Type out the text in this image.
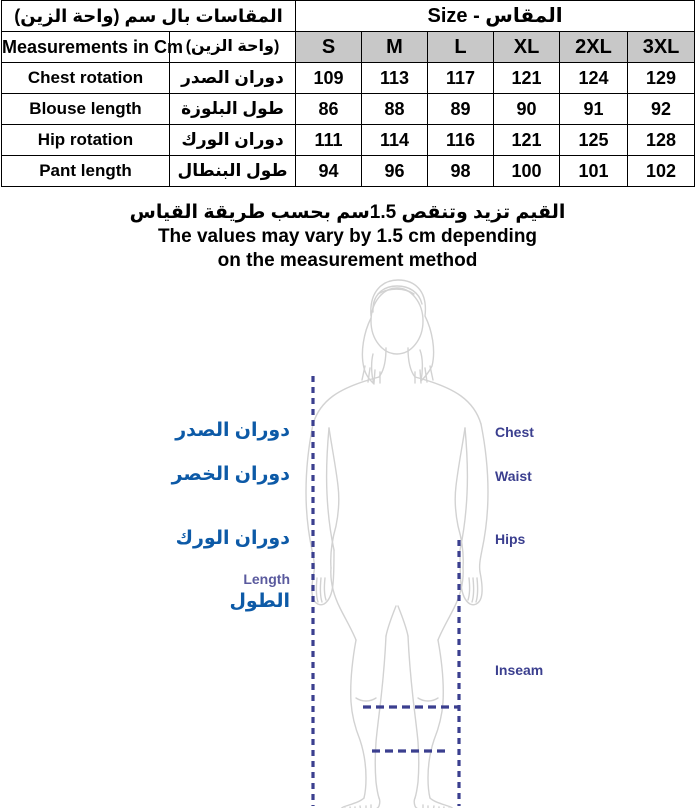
المقاسات بال سم (واحة الزين)		المقاس - Size					
Measurements in Cm	(واحة الزين)	S	M	L	XL	2XL	3XL
Chest rotation	دوران الصدر	109	113	117	121	124	129
Blouse length	طول البلوزة	86	88	89	90	91	92
Hip rotation	دوران الورك	111	114	116	121	125	128
Pant length	طول البنطال	94	96	98	100	101	102
القيم تزيد وتنقص 1.5سم بحسب طريقة القياس
The values may vary by 1.5 cm depending
on the measurement method
دوران الصدر
دوران الخصر
دوران الورك
Length
الطول
Chest
Waist
Hips
Inseam
